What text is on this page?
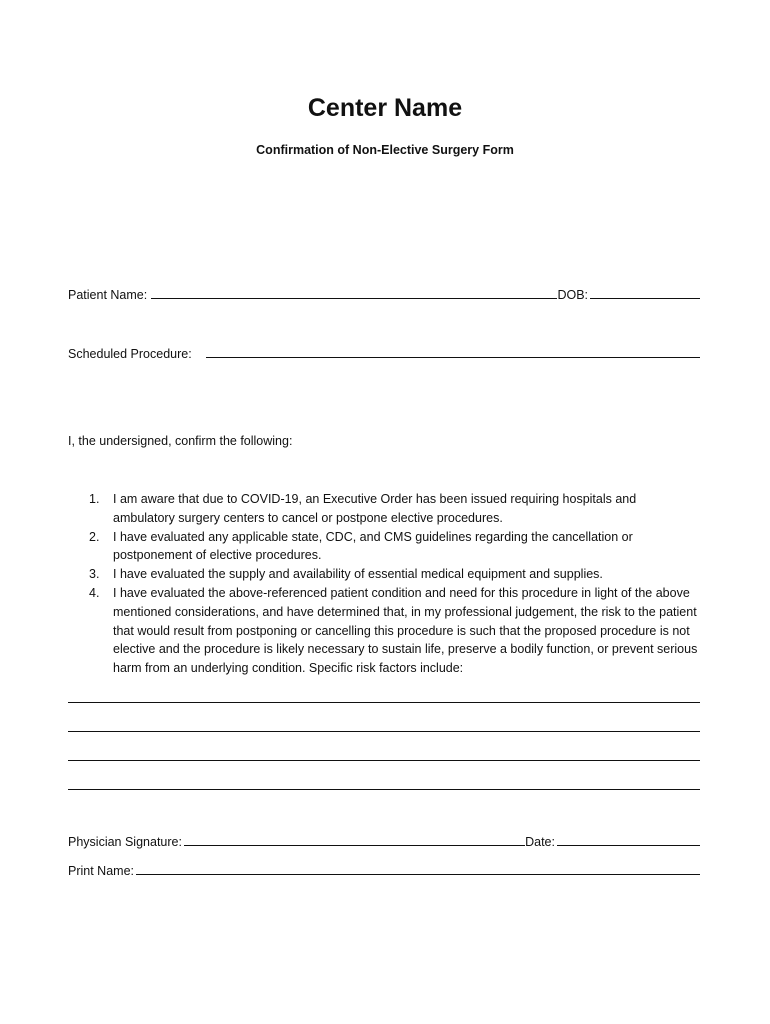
Center Name
Confirmation of Non-Elective Surgery Form
Patient Name:	DOB:
Scheduled Procedure:
I, the undersigned, confirm the following:
1. I am aware that due to COVID-19, an Executive Order has been issued requiring hospitals and ambulatory surgery centers to cancel or postpone elective procedures.
2. I have evaluated any applicable state, CDC, and CMS guidelines regarding the cancellation or postponement of elective procedures.
3. I have evaluated the supply and availability of essential medical equipment and supplies.
4. I have evaluated the above-referenced patient condition and need for this procedure in light of the above mentioned considerations, and have determined that, in my professional judgement, the risk to the patient that would result from postponing or cancelling this procedure is such that the proposed procedure is not elective and the procedure is likely necessary to sustain life, preserve a bodily function, or prevent serious harm from an underlying condition. Specific risk factors include:
Physician Signature:	Date:
Print Name:
